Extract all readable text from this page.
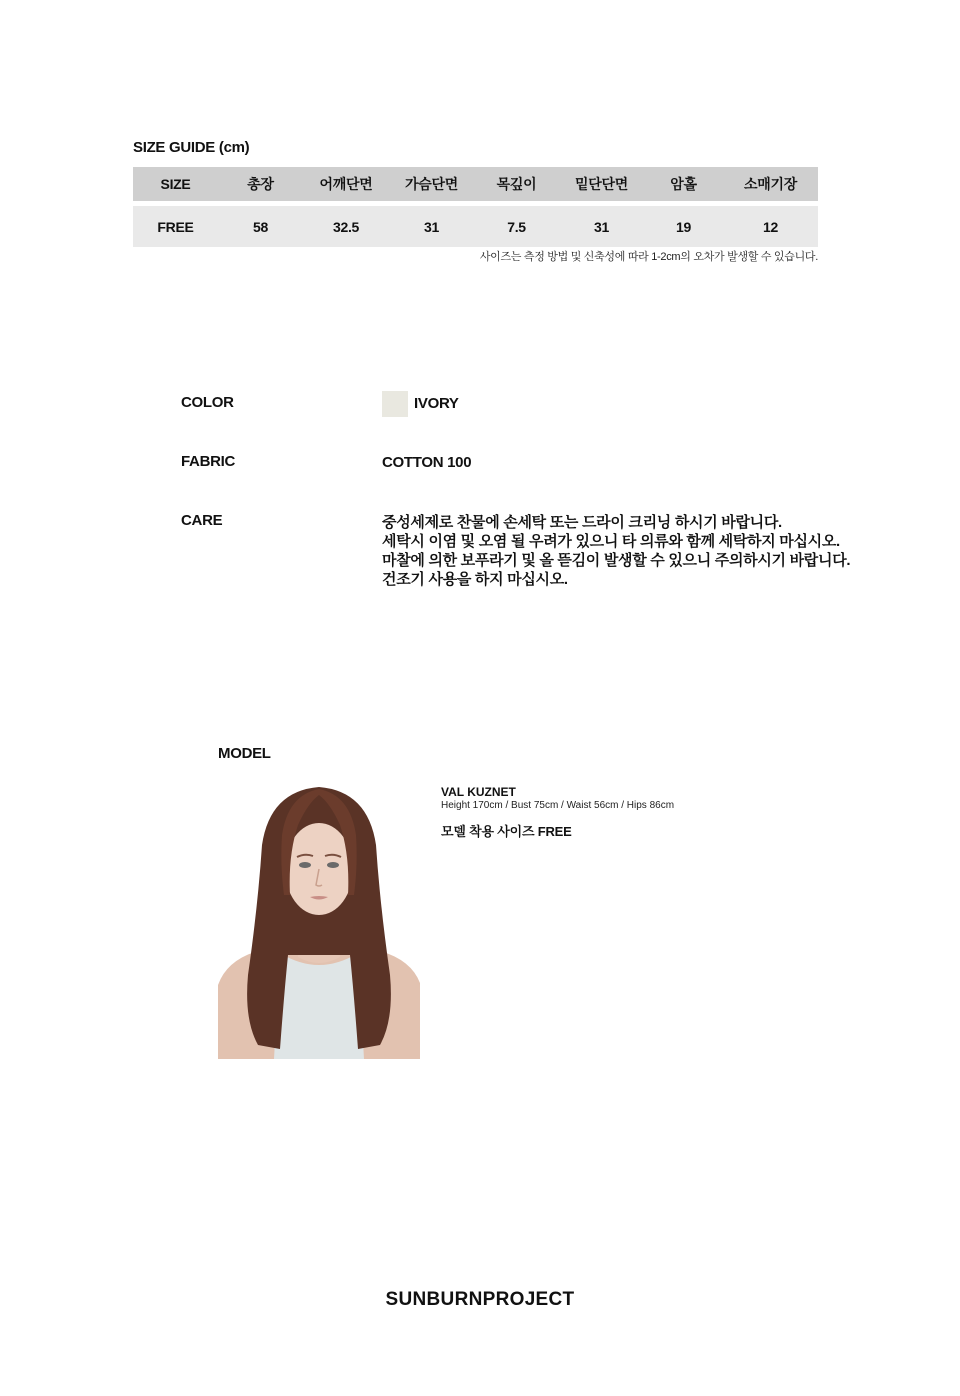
SIZE GUIDE (cm)
SIZE	총장	어깨단면	가슴단면	목깊이	밑단단면	암홀	소매기장
FREE	58	32.5	31	7.5	31	19	12
사이즈는 측정 방법 및 신축성에 따라 1-2cm의 오차가 발생할 수 있습니다.
COLOR	IVORY
FABRIC	COTTON 100
CARE	중성세제로 찬물에 손세탁 또는 드라이 크리닝 하시기 바랍니다.
세탁시 이염 및 오염 될 우려가 있으니 타 의류와 함께 세탁하지 마십시오.
마찰에 의한 보푸라기 및 올 뜯김이 발생할 수 있으니 주의하시기 바랍니다.
건조기 사용을 하지 마십시오.
MODEL
VAL KUZNET
Height 170cm / Bust 75cm / Waist 56cm / Hips 86cm
모델 착용 사이즈 FREE
SUNBURNPROJECT
